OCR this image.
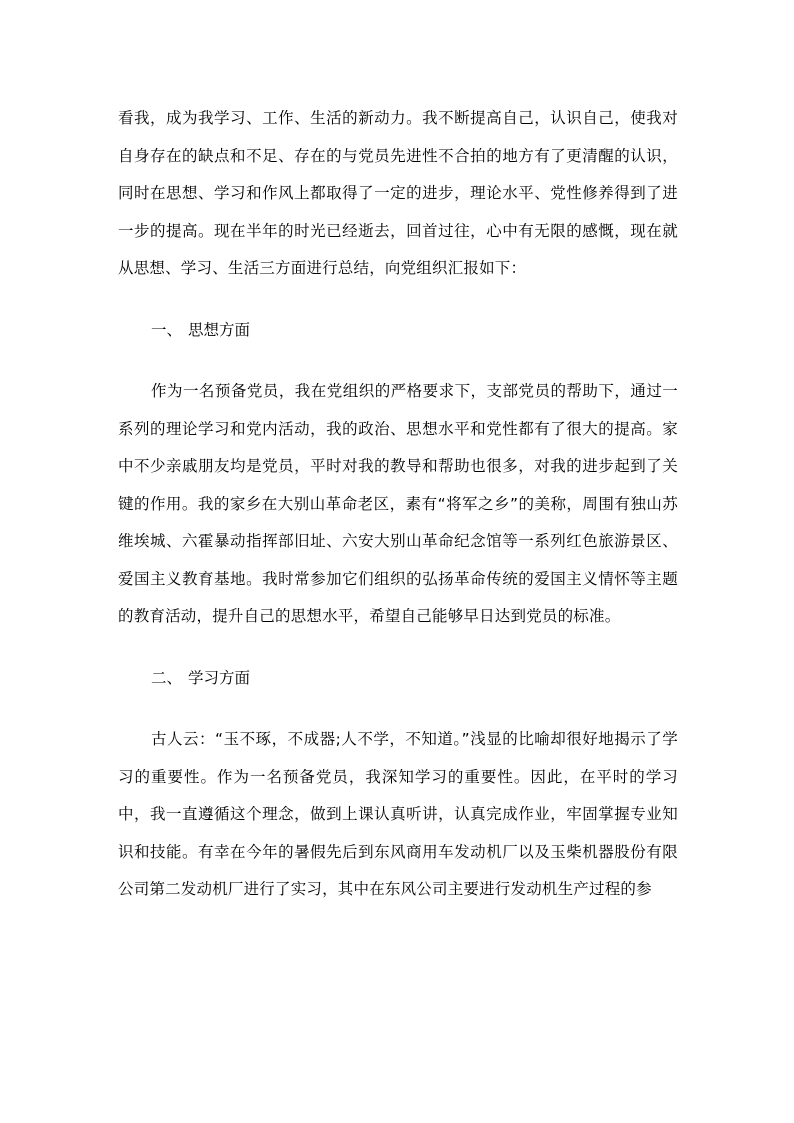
看我，成为我学习、工作、生活的新动力。我不断提高自己，认识自己，使我对自身存在的缺点和不足、存在的与党员先进性不合拍的地方有了更清醒的认识，同时在思想、学习和作风上都取得了一定的进步，理论水平、党性修养得到了进一步的提高。现在半年的时光已经逝去，回首过往，心中有无限的感慨，现在就从思想、学习、生活三方面进行总结，向党组织汇报如下：

一、 思想方面

作为一名预备党员，我在党组织的严格要求下，支部党员的帮助下，通过一系列的理论学习和党内活动，我的政治、思想水平和党性都有了很大的提高。家中不少亲戚朋友均是党员，平时对我的教导和帮助也很多，对我的进步起到了关键的作用。我的家乡在大别山革命老区，素有“将军之乡”的美称，周围有独山苏维埃城、六霍暴动指挥部旧址、六安大别山革命纪念馆等一系列红色旅游景区、爱国主义教育基地。我时常参加它们组织的弘扬革命传统的爱国主义情怀等主题的教育活动，提升自己的思想水平，希望自己能够早日达到党员的标准。

二、 学习方面

古人云：“玉不琢，不成器;人不学，不知道。”浅显的比喻却很好地揭示了学习的重要性。作为一名预备党员，我深知学习的重要性。因此，在平时的学习中，我一直遵循这个理念，做到上课认真听讲，认真完成作业，牢固掌握专业知识和技能。有幸在今年的暑假先后到东风商用车发动机厂以及玉柴机器股份有限公司第二发动机厂进行了实习，其中在东风公司主要进行发动机生产过程的参
